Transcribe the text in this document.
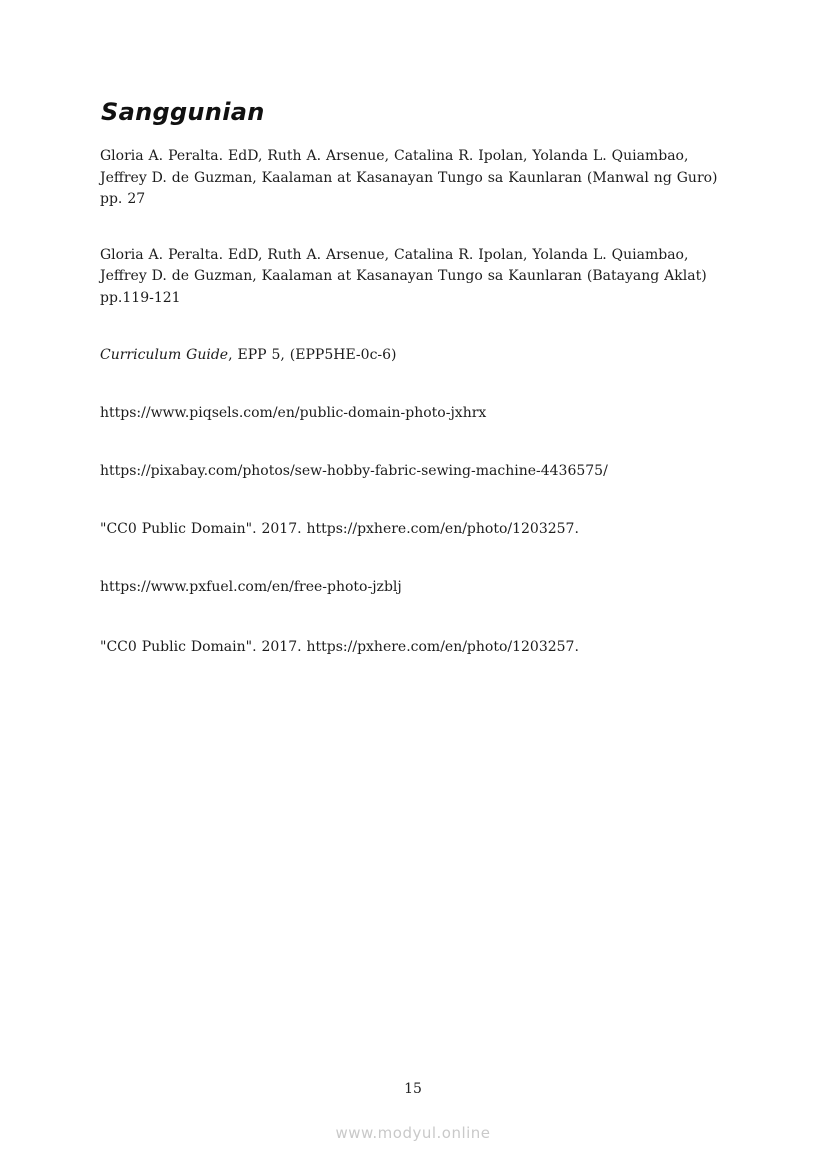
Sanggunian
Gloria A. Peralta. EdD, Ruth A. Arsenue, Catalina R. Ipolan, Yolanda L. Quiambao, Jeffrey D. de Guzman, Kaalaman at Kasanayan Tungo sa Kaunlaran (Manwal ng Guro) pp. 27
Gloria A. Peralta. EdD, Ruth A. Arsenue, Catalina R. Ipolan, Yolanda L. Quiambao, Jeffrey D. de Guzman, Kaalaman at Kasanayan Tungo sa Kaunlaran (Batayang Aklat) pp.119-121
Curriculum Guide, EPP 5, (EPP5HE-0c-6)
https://www.piqsels.com/en/public-domain-photo-jxhrx
https://pixabay.com/photos/sew-hobby-fabric-sewing-machine-4436575/
"CC0 Public Domain". 2017. https://pxhere.com/en/photo/1203257.
https://www.pxfuel.com/en/free-photo-jzblj
"CC0 Public Domain". 2017. https://pxhere.com/en/photo/1203257.
15
www.modyul.online
